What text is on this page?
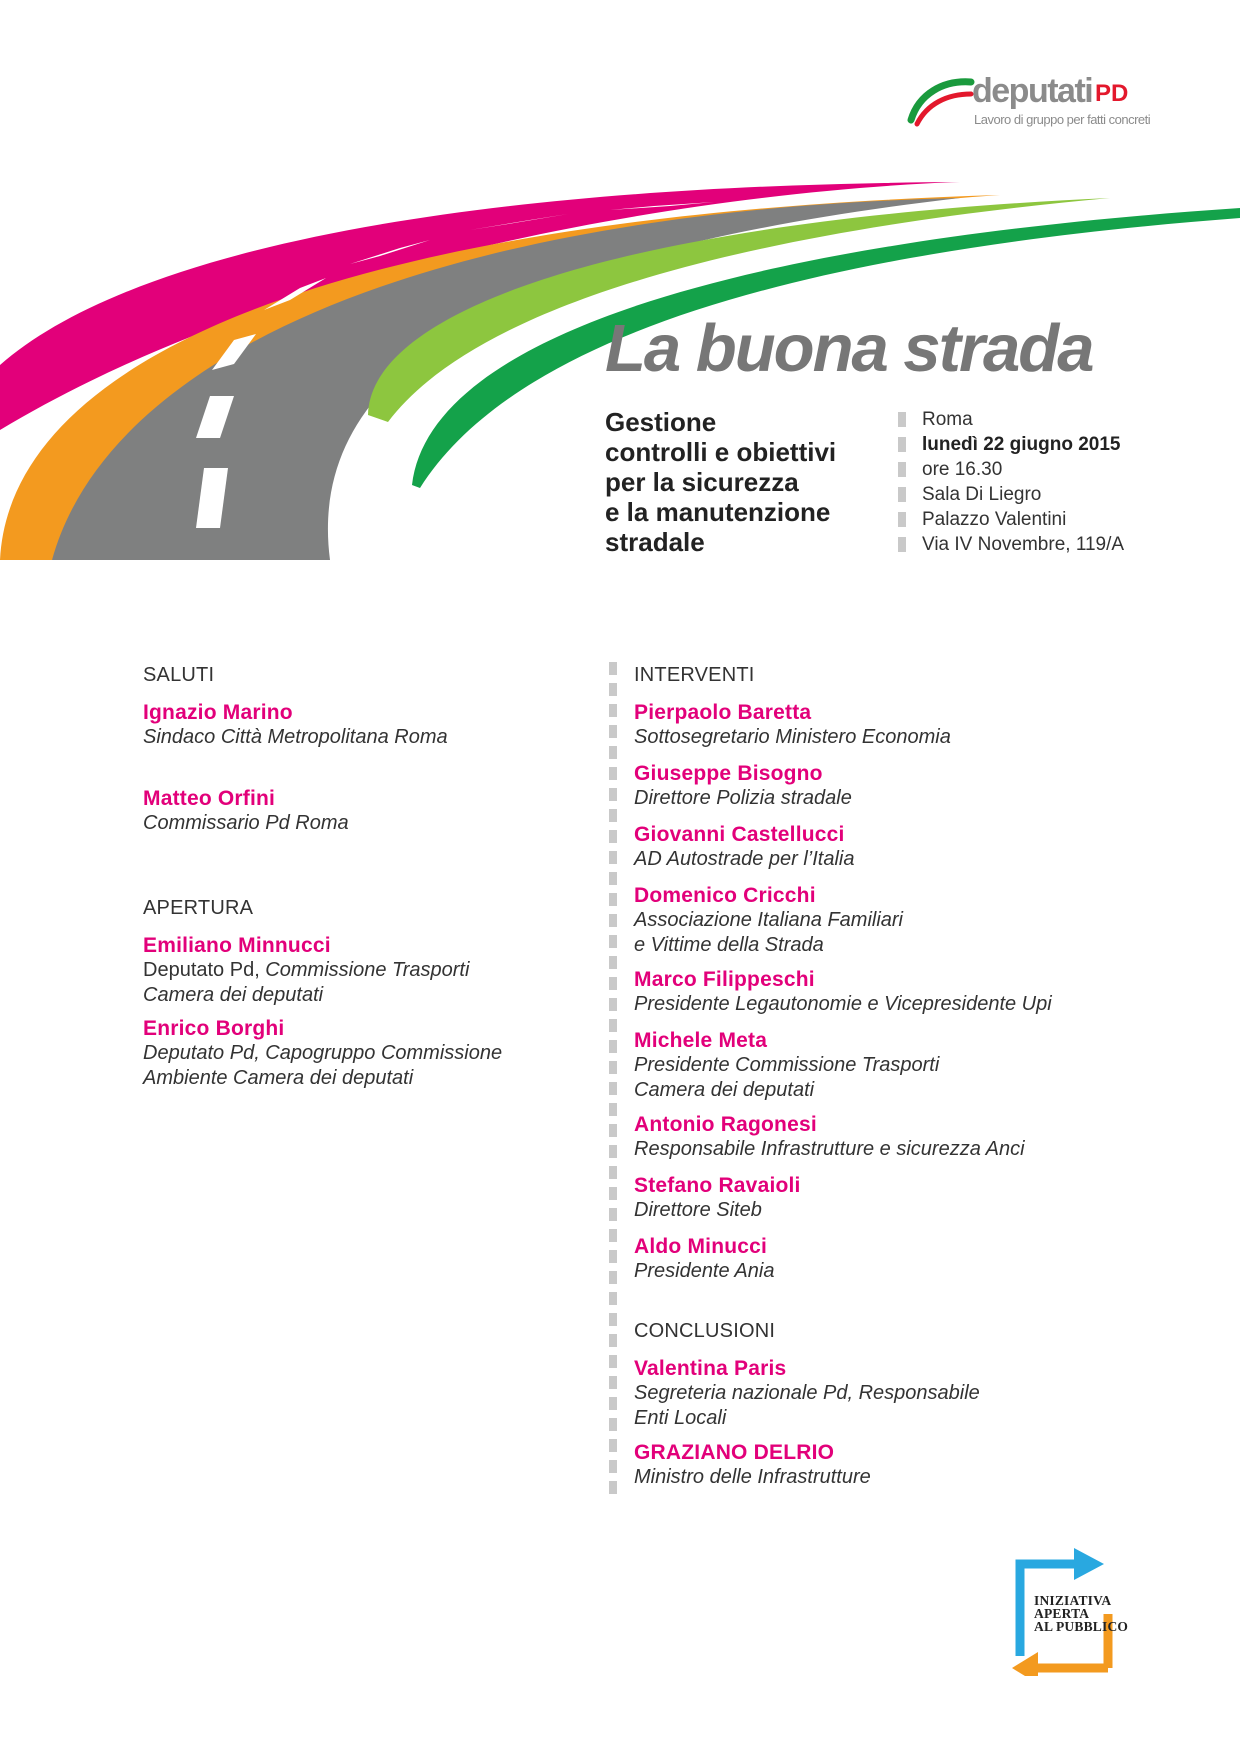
deputati PD
Lavoro di gruppo per fatti concreti
La buona strada
Gestione
controlli e obiettivi
per la sicurezza
e la manutenzione
stradale
Roma
lunedì 22 giugno 2015
ore 16.30
Sala Di Liegro
Palazzo Valentini
Via IV Novembre, 119/A
SALUTI
Ignazio Marino
Sindaco Città Metropolitana Roma
Matteo Orfini
Commissario Pd Roma
APERTURA
Emiliano Minnucci
Deputato Pd, Commissione Trasporti
Camera dei deputati
Enrico Borghi
Deputato Pd, Capogruppo Commissione
Ambiente Camera dei deputati
INTERVENTI
Pierpaolo Baretta
Sottosegretario Ministero Economia
Giuseppe Bisogno
Direttore Polizia stradale
Giovanni Castellucci
AD Autostrade per l’Italia
Domenico Cricchi
Associazione Italiana Familiari
e Vittime della Strada
Marco Filippeschi
Presidente Legautonomie e Vicepresidente Upi
Michele Meta
Presidente Commissione Trasporti
Camera dei deputati
Antonio Ragonesi
Responsabile Infrastrutture e sicurezza Anci
Stefano Ravaioli
Direttore Siteb
Aldo Minucci
Presidente Ania
CONCLUSIONI
Valentina Paris
Segreteria nazionale Pd, Responsabile
Enti Locali
GRAZIANO DELRIO
Ministro delle Infrastrutture
INIZIATIVA
APERTA
AL PUBBLICO
